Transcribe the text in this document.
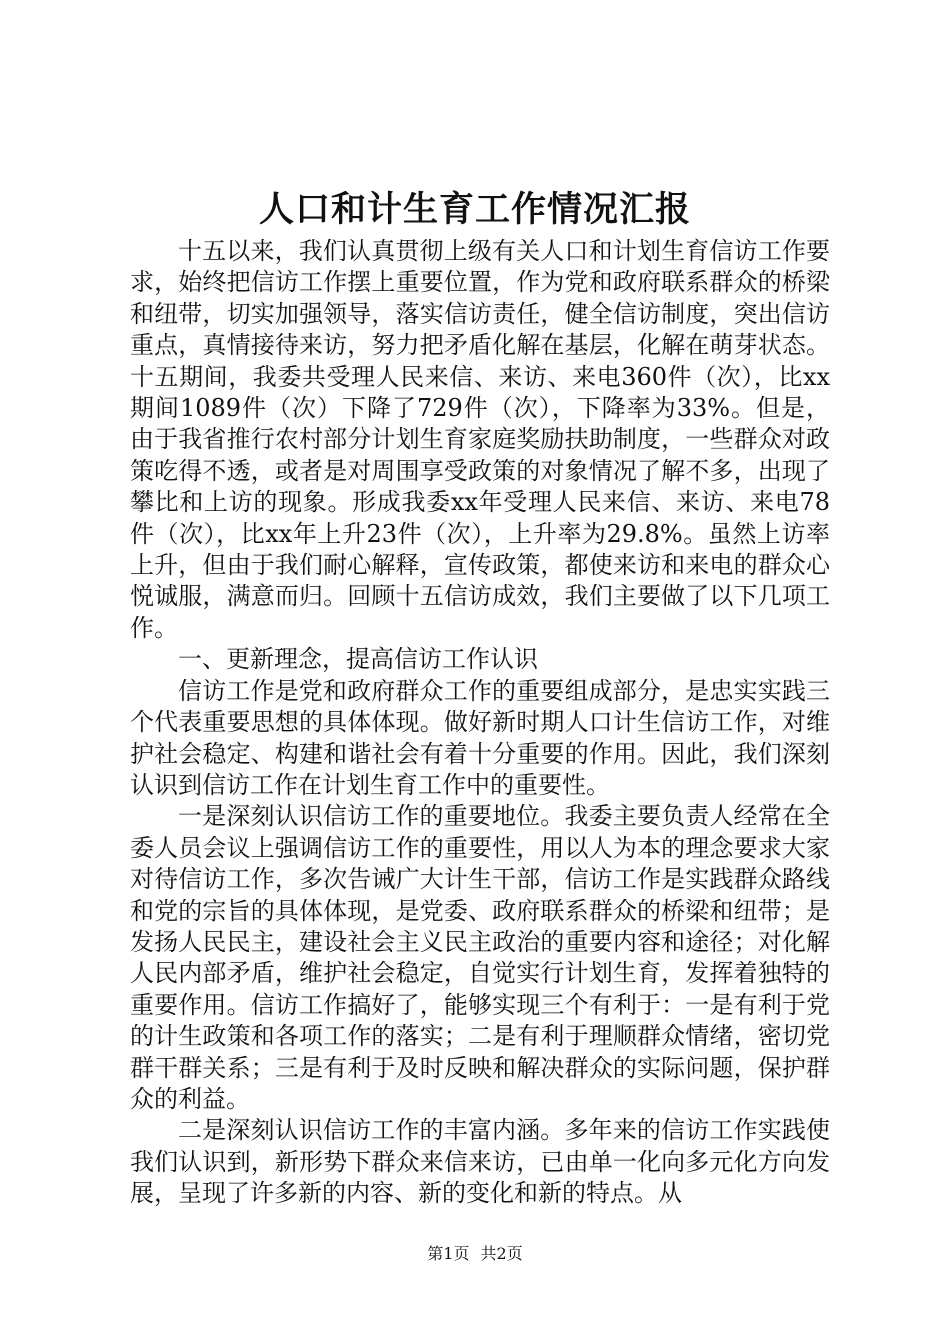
人口和计生育工作情况汇报

十五以来，我们认真贯彻上级有关人口和计划生育信访工作要求，始终把信访工作摆上重要位置，作为党和政府联系群众的桥梁和纽带，切实加强领导，落实信访责任，健全信访制度，突出信访重点，真情接待来访，努力把矛盾化解在基层，化解在萌芽状态。十五期间，我委共受理人民来信、来访、来电360件（次），比xx期间1089件（次）下降了729件（次），下降率为33%。但是，由于我省推行农村部分计划生育家庭奖励扶助制度，一些群众对政策吃得不透，或者是对周围享受政策的对象情况了解不多，出现了攀比和上访的现象。形成我委xx年受理人民来信、来访、来电78件（次），比xx年上升23件（次），上升率为29.8%。虽然上访率上升，但由于我们耐心解释，宣传政策，都使来访和来电的群众心悦诚服，满意而归。回顾十五信访成效，我们主要做了以下几项工作。

一、更新理念，提高信访工作认识

信访工作是党和政府群众工作的重要组成部分，是忠实实践三个代表重要思想的具体体现。做好新时期人口计生信访工作，对维护社会稳定、构建和谐社会有着十分重要的作用。因此，我们深刻认识到信访工作在计划生育工作中的重要性。

一是深刻认识信访工作的重要地位。我委主要负责人经常在全委人员会议上强调信访工作的重要性，用以人为本的理念要求大家对待信访工作，多次告诫广大计生干部，信访工作是实践群众路线和党的宗旨的具体体现，是党委、政府联系群众的桥梁和纽带；是发扬人民民主，建设社会主义民主政治的重要内容和途径；对化解人民内部矛盾，维护社会稳定，自觉实行计划生育，发挥着独特的重要作用。信访工作搞好了，能够实现三个有利于：一是有利于党的计生政策和各项工作的落实；二是有利于理顺群众情绪，密切党群干群关系；三是有利于及时反映和解决群众的实际问题，保护群众的利益。

二是深刻认识信访工作的丰富内涵。多年来的信访工作实践使我们认识到，新形势下群众来信来访，已由单一化向多元化方向发展，呈现了许多新的内容、新的变化和新的特点。从

第1页 共2页
